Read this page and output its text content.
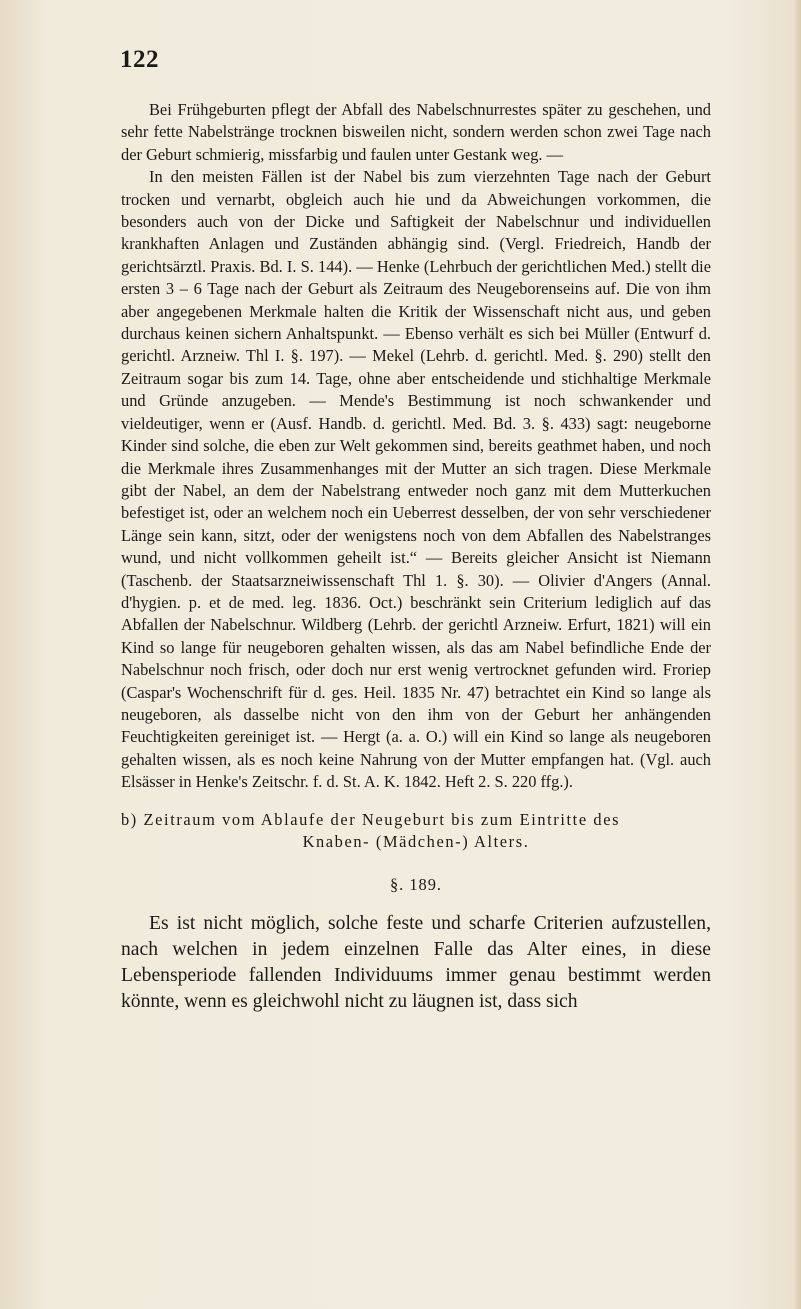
122

Bei Frühgeburten pflegt der Abfall des Nabelschnurrestes später zu geschehen, und sehr fette Nabelstränge trocknen bisweilen nicht, sondern werden schon zwei Tage nach der Geburt schmierig, missfarbig und faulen unter Gestank weg. —

In den meisten Fällen ist der Nabel bis zum vierzehnten Tage nach der Geburt trocken und vernarbt, obgleich auch hie und da Abweichungen vorkommen, die besonders auch von der Dicke und Saftigkeit der Nabelschnur und individuellen krankhaften Anlagen und Zuständen abhängig sind. (Vergl. Friedreich, Handb der gerichtsärztl. Praxis. Bd. I. S. 144). — Henke (Lehrbuch der gerichtlichen Med.) stellt die ersten 3 – 6 Tage nach der Geburt als Zeitraum des Neugeborenseins auf. Die von ihm aber angegebenen Merkmale halten die Kritik der Wissenschaft nicht aus, und geben durchaus keinen sichern Anhaltspunkt. — Ebenso verhält es sich bei Müller (Entwurf d. gerichtl. Arzneiw. Thl I. §. 197). — Mekel (Lehrb. d. gerichtl. Med. §. 290) stellt den Zeitraum sogar bis zum 14. Tage, ohne aber entscheidende und stichhaltige Merkmale und Gründe anzugeben. — Mende's Bestimmung ist noch schwankender und vieldeutiger, wenn er (Ausf. Handb. d. gerichtl. Med. Bd. 3. §. 433) sagt: neugeborne Kinder sind solche, die eben zur Welt gekommen sind, bereits geathmet haben, und noch die Merkmale ihres Zusammenhanges mit der Mutter an sich tragen. Diese Merkmale gibt der Nabel, an dem der Nabelstrang entweder noch ganz mit dem Mutterkuchen befestiget ist, oder an welchem noch ein Ueberrest desselben, der von sehr verschiedener Länge sein kann, sitzt, oder der wenigstens noch von dem Abfallen des Nabelstranges wund, und nicht vollkommen geheilt ist.“ — Bereits gleicher Ansicht ist Niemann (Taschenb. der Staatsarzneiwissenschaft Thl 1. §. 30). — Olivier d'Angers (Annal. d'hygien. p. et de med. leg. 1836. Oct.) beschränkt sein Criterium lediglich auf das Abfallen der Nabelschnur. Wildberg (Lehrb. der gerichtl Arzneiw. Erfurt, 1821) will ein Kind so lange für neugeboren gehalten wissen, als das am Nabel befindliche Ende der Nabelschnur noch frisch, oder doch nur erst wenig vertrocknet gefunden wird. Froriep (Caspar's Wochenschrift für d. ges. Heil. 1835 Nr. 47) betrachtet ein Kind so lange als neugeboren, als dasselbe nicht von den ihm von der Geburt her anhängenden Feuchtigkeiten gereiniget ist. — Hergt (a. a. O.) will ein Kind so lange als neugeboren gehalten wissen, als es noch keine Nahrung von der Mutter empfangen hat. (Vgl. auch Elsässer in Henke's Zeitschr. f. d. St. A. K. 1842. Heft 2. S. 220 ffg.).

b) Zeitraum vom Ablaufe der Neugeburt bis zum Eintritte des
Knaben- (Mädchen-) Alters.

§. 189.

Es ist nicht möglich, solche feste und scharfe Criterien aufzustellen, nach welchen in jedem einzelnen Falle das Alter eines, in diese Lebensperiode fallenden Individuums immer genau bestimmt werden könnte, wenn es gleichwohl nicht zu läugnen ist, dass sich
